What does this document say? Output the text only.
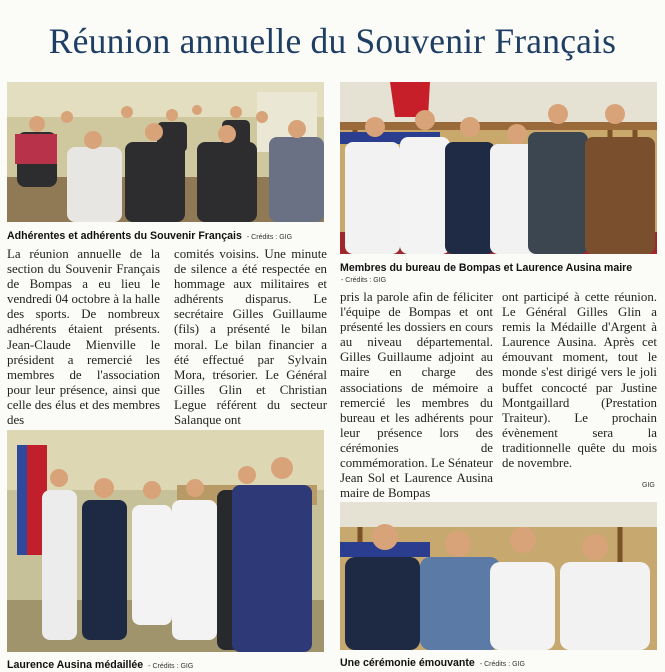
Réunion annuelle du Souvenir Français
Adhérentes et adhérents du Souvenir Français - Crédits : GIG
Membres du bureau de Bompas et Laurence Ausina maire
- Crédits : GIG

La réunion annuelle de la section du Souvenir Français de Bompas a eu lieu le vendredi 04 octobre à la halle des sports. De nombreux adhérents étaient présents. Jean-Claude Mienville le président a remercié les membres de l'association pour leur présence, ainsi que celle des élus et des membres des

comités voisins. Une minute de silence a été respectée en hommage aux militaires et adhérents disparus. Le secrétaire Gilles Guillaume (fils) a présenté le bilan moral. Le bilan financier a été effectué par Sylvain Mora, trésorier. Le Général Gilles Glin et Christian Legue référent du secteur Salanque ont

pris la parole afin de féliciter l'équipe de Bompas et ont présenté les dossiers en cours au niveau départemental. Gilles Guillaume adjoint au maire en charge des associations de mémoire a remercié les membres du bureau et les adhérents pour leur présence lors des cérémonies de commémoration. Le Sénateur Jean Sol et Laurence Ausina maire de Bompas

ont participé à cette réunion. Le Général Gilles Glin a remis la Médaille d'Argent à Laurence Ausina. Après cet émouvant moment, tout le monde s'est dirigé vers le joli buffet concocté par Justine Montgaillard (Prestation Traiteur). Le prochain évènement sera la traditionnelle quête du mois de novembre.

GIG
Laurence Ausina médaillée - Crédits : GIG	Une cérémonie émouvante - Crédits : GIG
